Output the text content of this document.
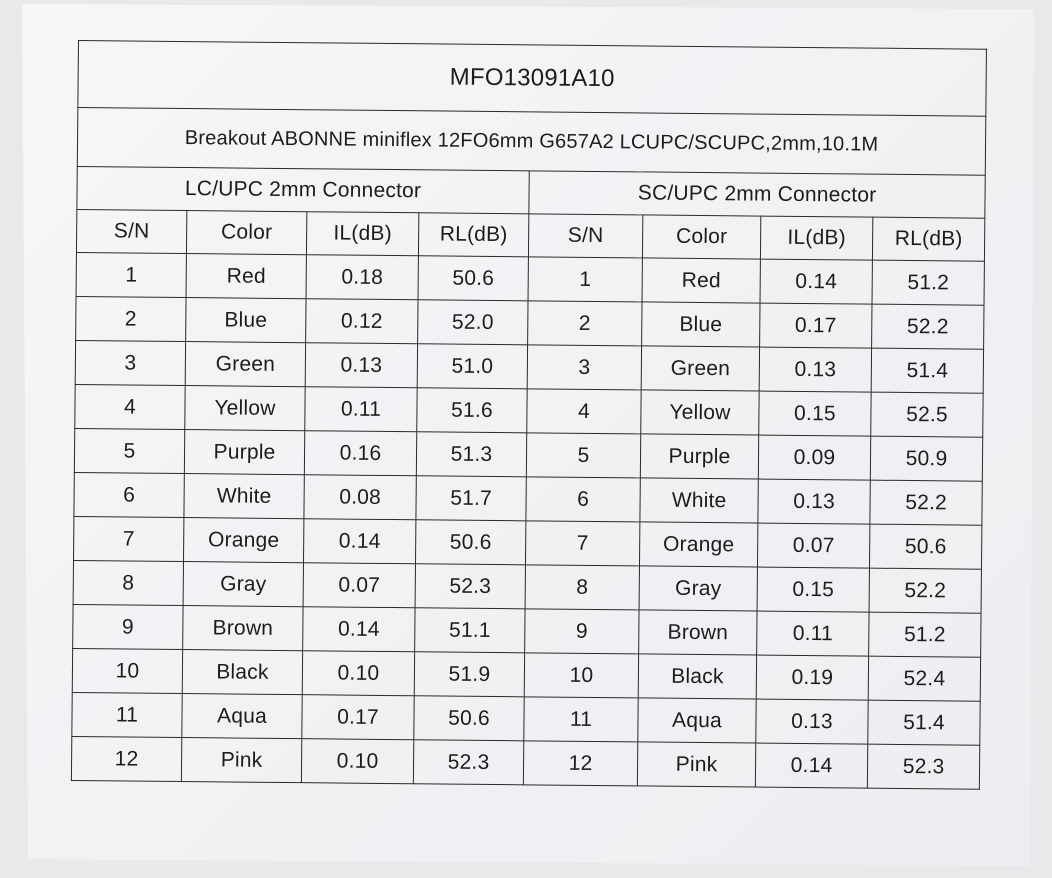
MFO13091A10							
Breakout ABONNE miniflex 12FO6mm G657A2 LCUPC/SCUPC,2mm,10.1M							
LC/UPC 2mm Connector				SC/UPC 2mm Connector			
S/N	Color	IL(dB)	RL(dB)	S/N	Color	IL(dB)	RL(dB)
1	Red	0.18	50.6	1	Red	0.14	51.2
2	Blue	0.12	52.0	2	Blue	0.17	52.2
3	Green	0.13	51.0	3	Green	0.13	51.4
4	Yellow	0.11	51.6	4	Yellow	0.15	52.5
5	Purple	0.16	51.3	5	Purple	0.09	50.9
6	White	0.08	51.7	6	White	0.13	52.2
7	Orange	0.14	50.6	7	Orange	0.07	50.6
8	Gray	0.07	52.3	8	Gray	0.15	52.2
9	Brown	0.14	51.1	9	Brown	0.11	51.2
10	Black	0.10	51.9	10	Black	0.19	52.4
11	Aqua	0.17	50.6	11	Aqua	0.13	51.4
12	Pink	0.10	52.3	12	Pink	0.14	52.3
